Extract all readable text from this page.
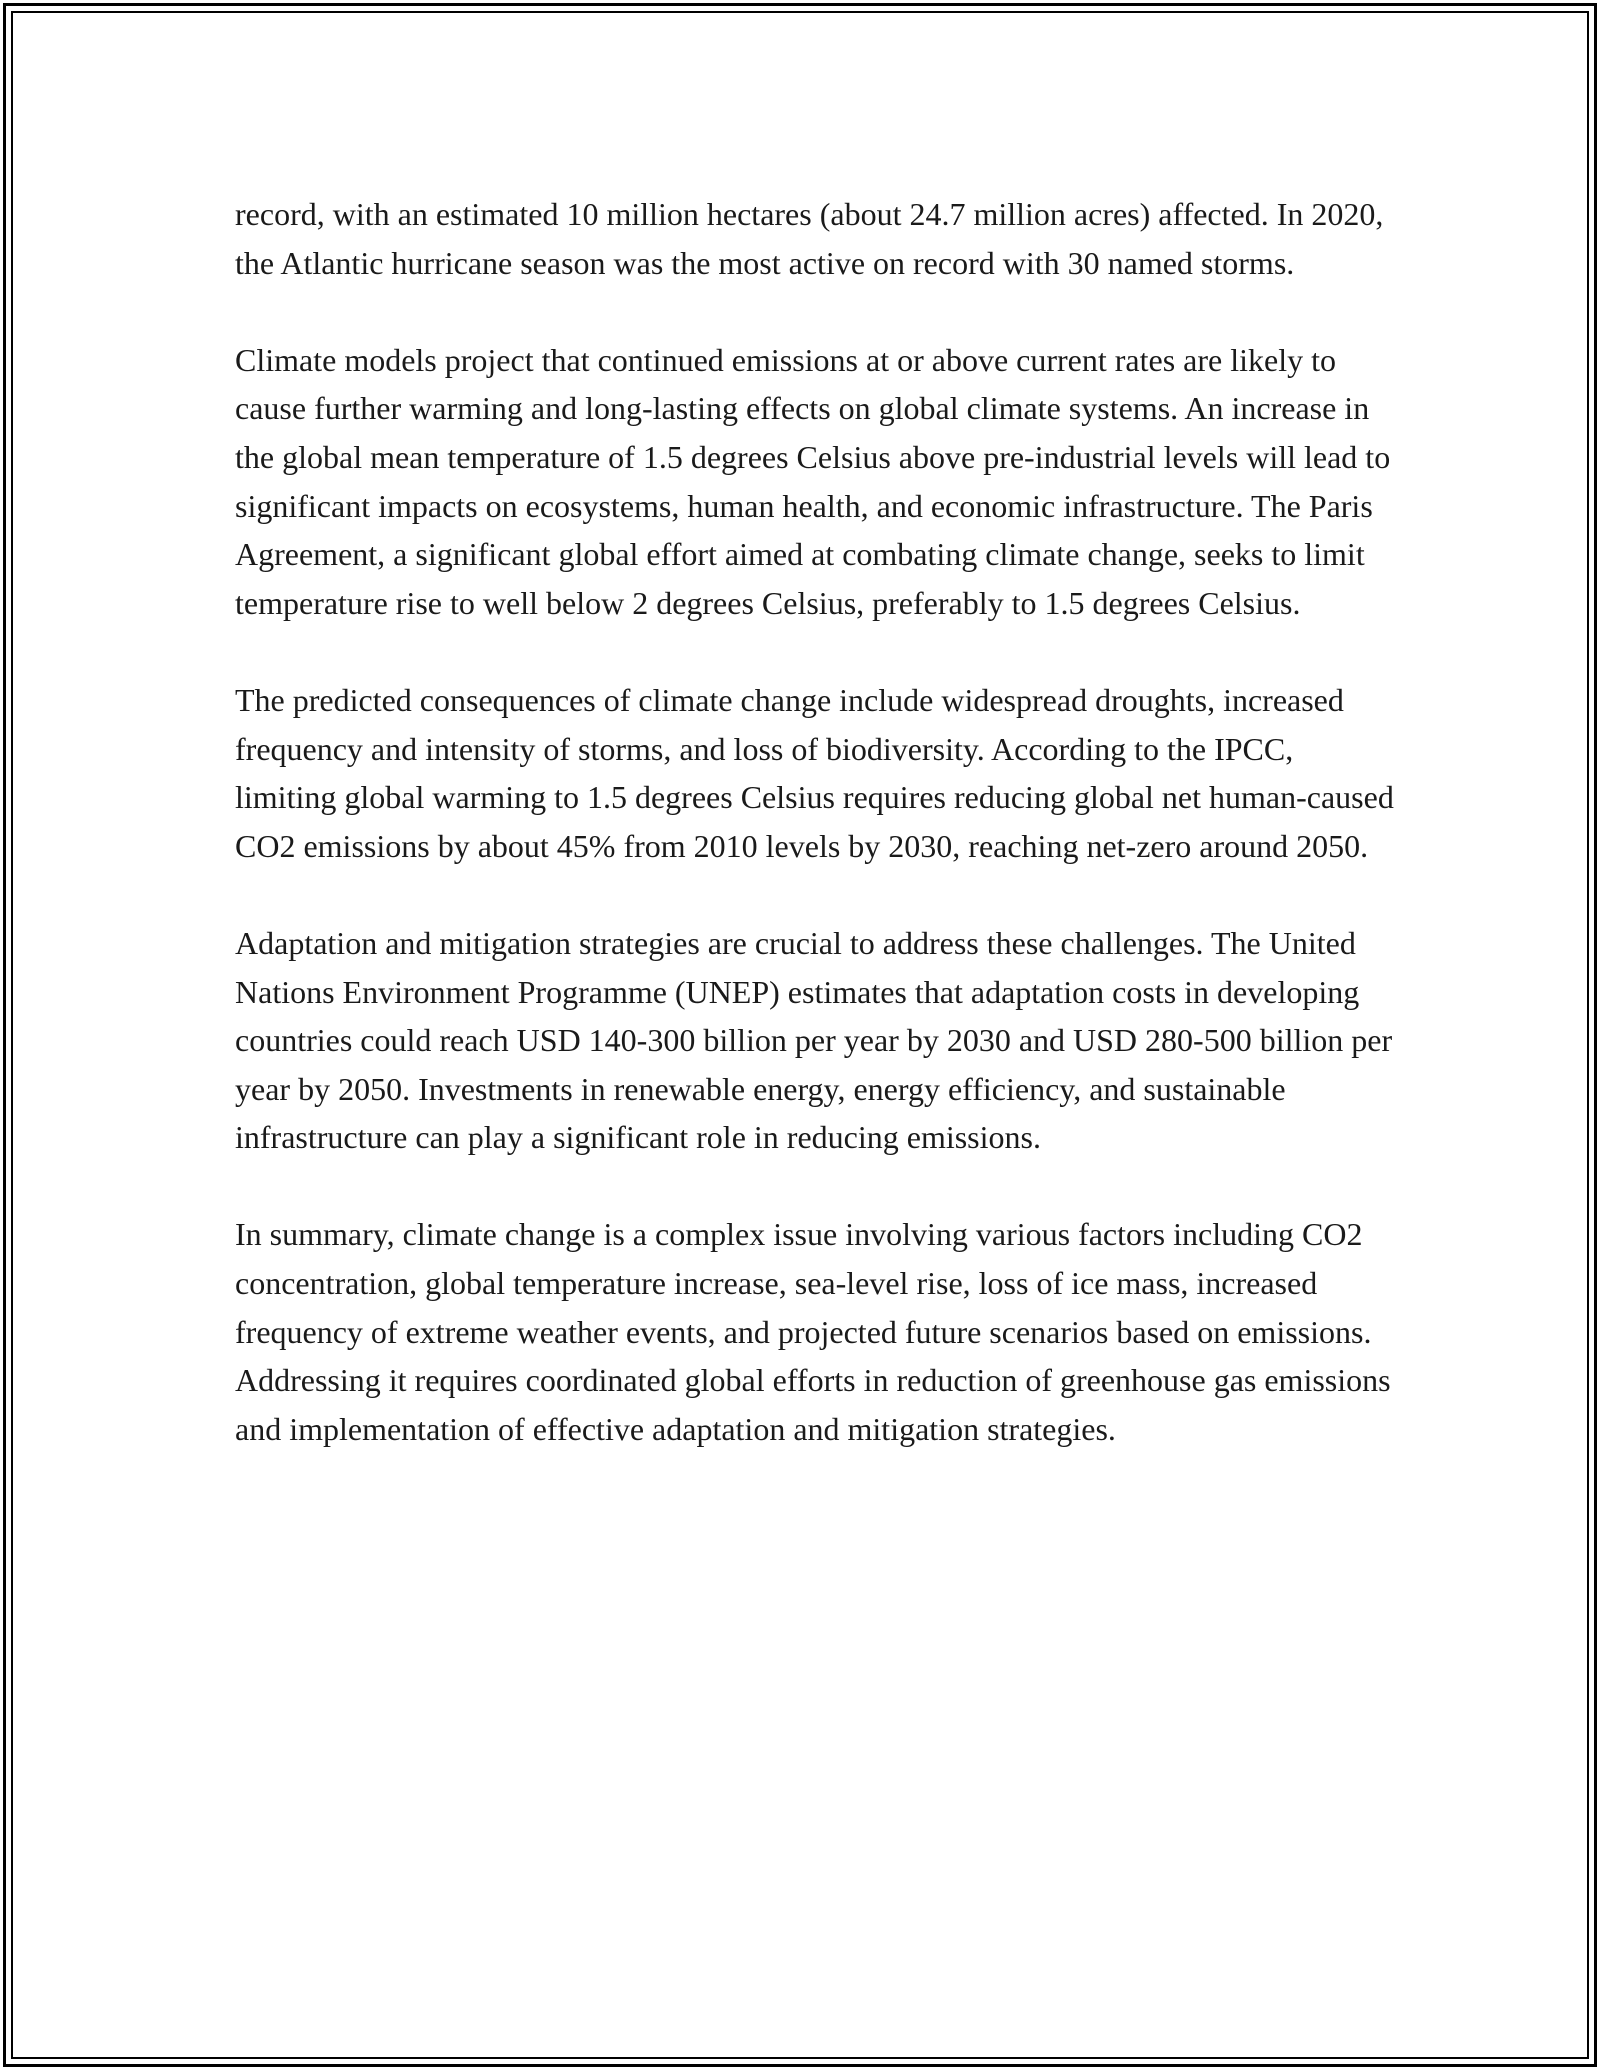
record, with an estimated 10 million hectares (about 24.7 million acres) affected. In 2020, the Atlantic hurricane season was the most active on record with 30 named storms.

Climate models project that continued emissions at or above current rates are likely to cause further warming and long-lasting effects on global climate systems. An increase in the global mean temperature of 1.5 degrees Celsius above pre-industrial levels will lead to significant impacts on ecosystems, human health, and economic infrastructure. The Paris Agreement, a significant global effort aimed at combating climate change, seeks to limit temperature rise to well below 2 degrees Celsius, preferably to 1.5 degrees Celsius.

The predicted consequences of climate change include widespread droughts, increased frequency and intensity of storms, and loss of biodiversity. According to the IPCC, limiting global warming to 1.5 degrees Celsius requires reducing global net human-caused CO2 emissions by about 45% from 2010 levels by 2030, reaching net-zero around 2050.

Adaptation and mitigation strategies are crucial to address these challenges. The United Nations Environment Programme (UNEP) estimates that adaptation costs in developing countries could reach USD 140-300 billion per year by 2030 and USD 280-500 billion per year by 2050. Investments in renewable energy, energy efficiency, and sustainable infrastructure can play a significant role in reducing emissions.

In summary, climate change is a complex issue involving various factors including CO2 concentration, global temperature increase, sea-level rise, loss of ice mass, increased frequency of extreme weather events, and projected future scenarios based on emissions. Addressing it requires coordinated global efforts in reduction of greenhouse gas emissions and implementation of effective adaptation and mitigation strategies.
